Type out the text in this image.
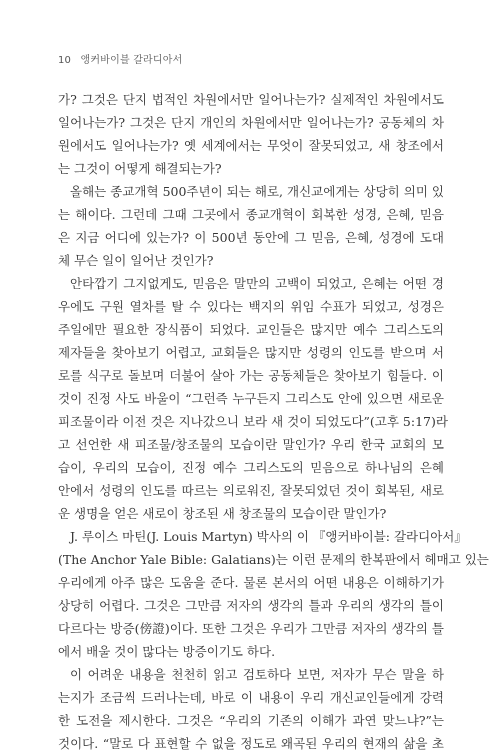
10 앵커바이블 갈라디아서
가? 그것은 단지 법적인 차원에서만 일어나는가? 실제적인 차원에서도
일어나는가? 그것은 단지 개인의 차원에서만 일어나는가? 공동체의 차
원에서도 일어나는가? 옛 세계에서는 무엇이 잘못되었고, 새 창조에서
는 그것이 어떻게 해결되는가?
올해는 종교개혁 500주년이 되는 해로, 개신교에게는 상당히 의미 있
는 해이다. 그런데 그때 그곳에서 종교개혁이 회복한 성경, 은혜, 믿음
은 지금 어디에 있는가? 이 500년 동안에 그 믿음, 은혜, 성경에 도대
체 무슨 일이 일어난 것인가?
안타깝기 그지없게도, 믿음은 말만의 고백이 되었고, 은혜는 어떤 경
우에도 구원 열차를 탈 수 있다는 백지의 위임 수표가 되었고, 성경은
주일에만 필요한 장식품이 되었다. 교인들은 많지만 예수 그리스도의
제자들을 찾아보기 어렵고, 교회들은 많지만 성령의 인도를 받으며 서
로를 식구로 돌보며 더불어 살아 가는 공동체들은 찾아보기 힘들다. 이
것이 진정 사도 바울이 “그런즉 누구든지 그리스도 안에 있으면 새로운
피조물이라 이전 것은 지나갔으니 보라 새 것이 되었도다”(고후 5:17)라
고 선언한 새 피조물/창조물의 모습이란 말인가? 우리 한국 교회의 모
습이, 우리의 모습이, 진정 예수 그리스도의 믿음으로 하나님의 은혜
안에서 성령의 인도를 따르는 의로워진, 잘못되었던 것이 회복된, 새로
운 생명을 얻은 새로이 창조된 새 창조물의 모습이란 말인가?
J. 루이스 마틴(J. Louis Martyn) 박사의 이 『앵커바이블: 갈라디아서』
(The Anchor Yale Bible: Galatians)는 이런 문제의 한복판에서 헤매고 있는
우리에게 아주 많은 도움을 준다. 물론 본서의 어떤 내용은 이해하기가
상당히 어렵다. 그것은 그만큼 저자의 생각의 틀과 우리의 생각의 틀이
다르다는 방증(傍證)이다. 또한 그것은 우리가 그만큼 저자의 생각의 틀
에서 배울 것이 많다는 방증이기도 하다.
이 어려운 내용을 천천히 읽고 검토하다 보면, 저자가 무슨 말을 하
는지가 조금씩 드러나는데, 바로 이 내용이 우리 개신교인들에게 강력
한 도전을 제시한다. 그것은 “우리의 기존의 이해가 과연 맞느냐?”는
것이다. “말로 다 표현할 수 없을 정도로 왜곡된 우리의 현재의 삶을 초
